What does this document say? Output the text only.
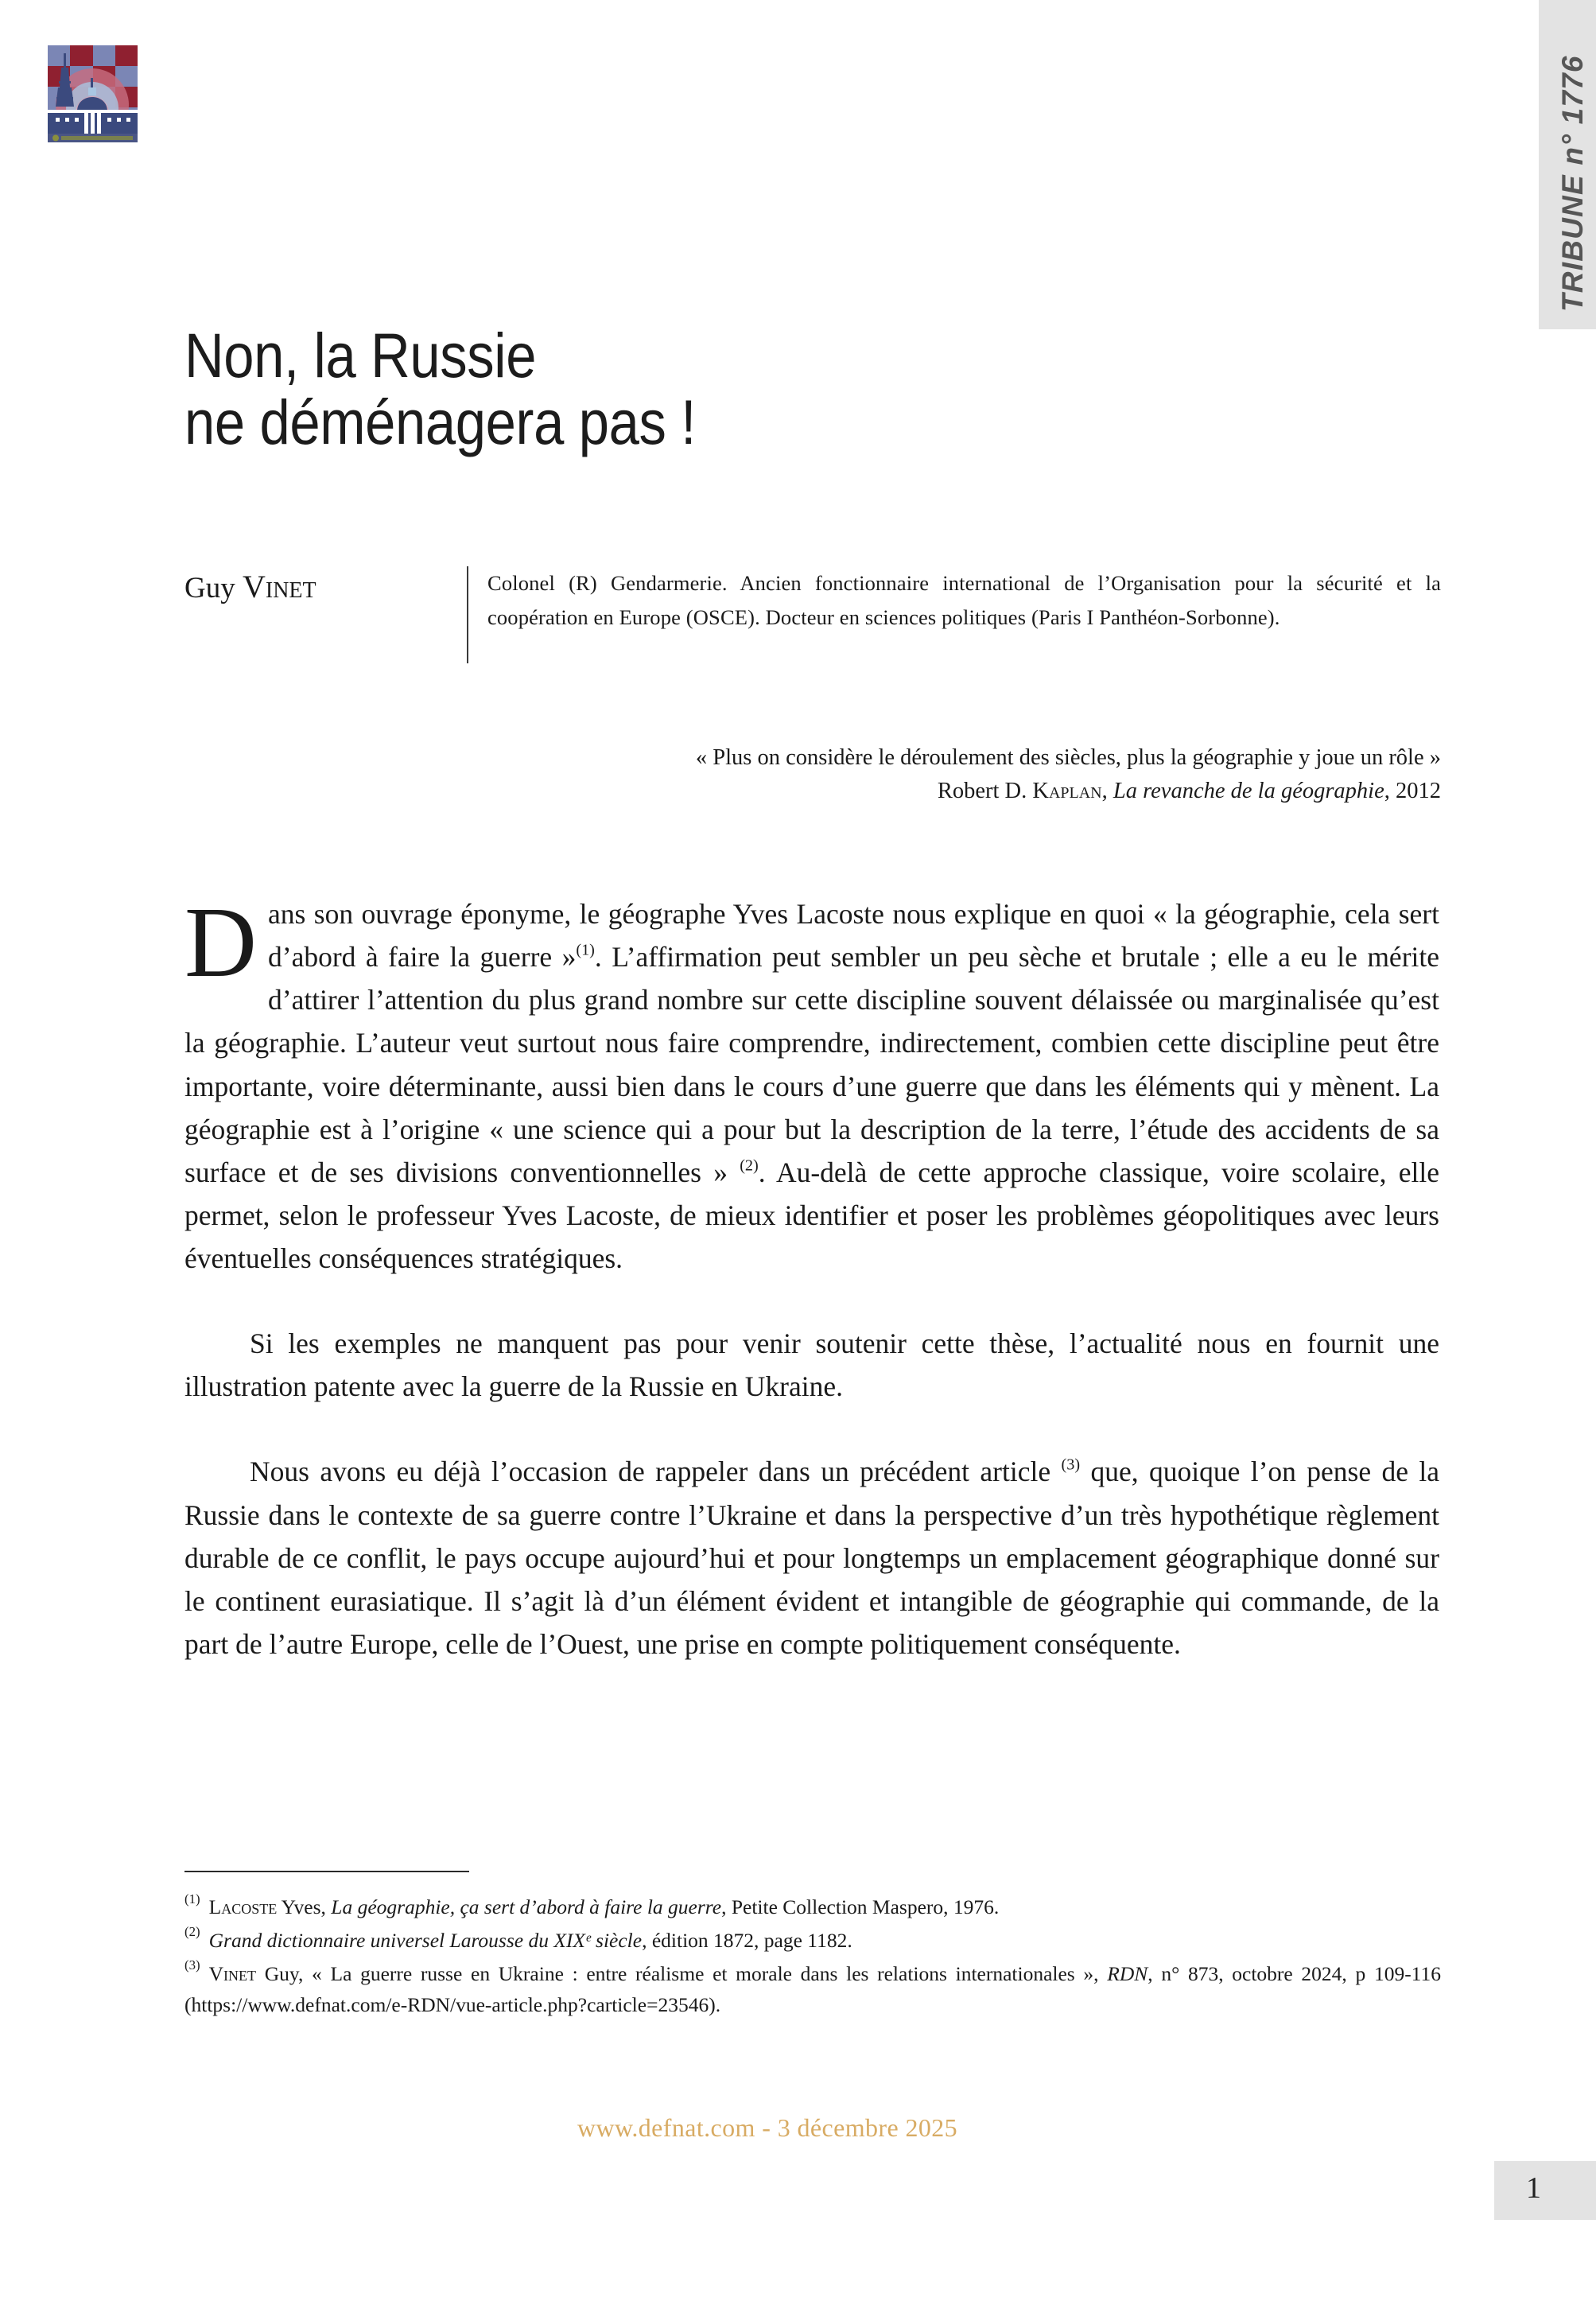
TRIBUNE n° 1776
Non, la Russie
ne déménagera pas !
Guy Vinet	Colonel (R) Gendarmerie. Ancien fonctionnaire international de l’Organisation pour la sécurité et la coopération en Europe (OSCE). Docteur en sciences politiques (Paris I Panthéon-Sorbonne).
« Plus on considère le déroulement des siècles, plus la géographie y joue un rôle »
Robert D. Kaplan, La revanche de la géographie, 2012

D ans son ouvrage éponyme, le géographe Yves Lacoste nous explique en quoi « la géographie, cela sert d’abord à faire la guerre »$^{(1)}$. L’affirmation peut sembler un peu sèche et brutale ; elle a eu le mérite d’attirer l’attention du plus grand nombre sur cette discipline souvent délaissée ou marginalisée qu’est la géographie. L’auteur veut surtout nous faire comprendre, indirectement, combien cette discipline peut être importante, voire déterminante, aussi bien dans le cours d’une guerre que dans les éléments qui y mènent. La géographie est à l’origine « une science qui a pour but la description de la terre, l’étude des accidents de sa surface et de ses divisions conventionnelles » $^{(2)}$. Au-delà de cette approche classique, voire scolaire, elle permet, selon le professeur Yves Lacoste, de mieux identifier et poser les problèmes géopolitiques avec leurs éventuelles conséquences stratégiques.

Si les exemples ne manquent pas pour venir soutenir cette thèse, l’actualité nous en fournit une illustration patente avec la guerre de la Russie en Ukraine.

Nous avons eu déjà l’occasion de rappeler dans un précédent article $^{(3)}$ que, quoique l’on pense de la Russie dans le contexte de sa guerre contre l’Ukraine et dans la perspective d’un très hypothétique règlement durable de ce conflit, le pays occupe aujourd’hui et pour longtemps un emplacement géographique donné sur le continent eurasiatique. Il s’agit là d’un élément évident et intangible de géographie qui commande, de la part de l’autre Europe, celle de l’Ouest, une prise en compte politiquement conséquente.

$^{(1)}$ Lacoste Yves, La géographie, ça sert d’abord à faire la guerre, Petite Collection Maspero, 1976.
$^{(2)}$ Grand dictionnaire universel Larousse du XIXᵉ siècle, édition 1872, page 1182.
$^{(3)}$ Vinet Guy, « La guerre russe en Ukraine : entre réalisme et morale dans les relations internationales », RDN, n° 873, octobre 2024, p 109-116 (https://www.defnat.com/e-RDN/vue-article.php?carticle=23546).
www.defnat.com - 3 décembre 2025
1
